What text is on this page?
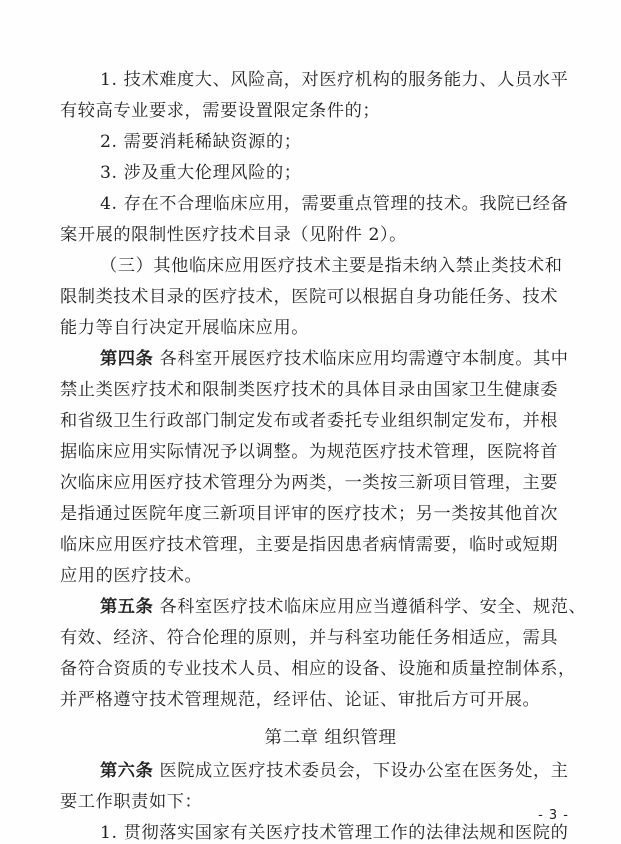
1. 技术难度大、风险高，对医疗机构的服务能力、人员水平
有较高专业要求，需要设置限定条件的；
2. 需要消耗稀缺资源的；
3. 涉及重大伦理风险的；
4. 存在不合理临床应用，需要重点管理的技术。我院已经备
案开展的限制性医疗技术目录（见附件 2）。
（三）其他临床应用医疗技术主要是指未纳入禁止类技术和
限制类技术目录的医疗技术，医院可以根据自身功能任务、技术
能力等自行决定开展临床应用。
第四条 各科室开展医疗技术临床应用均需遵守本制度。其中
禁止类医疗技术和限制类医疗技术的具体目录由国家卫生健康委
和省级卫生行政部门制定发布或者委托专业组织制定发布，并根
据临床应用实际情况予以调整。为规范医疗技术管理，医院将首
次临床应用医疗技术管理分为两类，一类按三新项目管理，主要
是指通过医院年度三新项目评审的医疗技术；另一类按其他首次
临床应用医疗技术管理，主要是指因患者病情需要，临时或短期
应用的医疗技术。
第五条 各科室医疗技术临床应用应当遵循科学、安全、规范、
有效、经济、符合伦理的原则，并与科室功能任务相适应，需具
备符合资质的专业技术人员、相应的设备、设施和质量控制体系，
并严格遵守技术管理规范，经评估、论证、审批后方可开展。
第二章 组织管理
第六条 医院成立医疗技术委员会，下设办公室在医务处，主
要工作职责如下：
1. 贯彻落实国家有关医疗技术管理工作的法律法规和医院的
- 3 -
